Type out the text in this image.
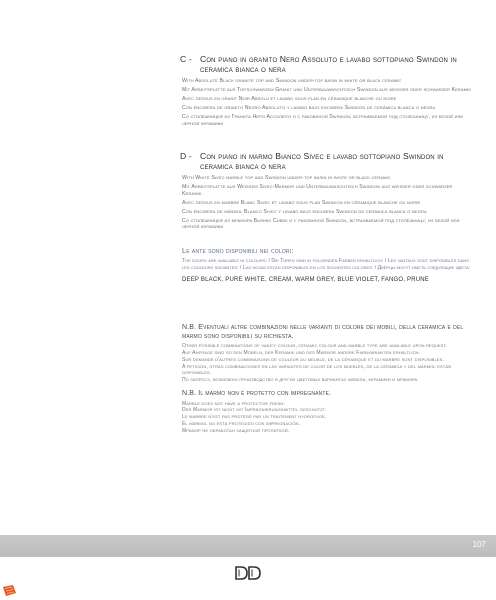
C - Con piano in granito Nero Assoluto e lavabo sottopiano Swindon in ceramica bianca o nera
With Absolute Black granite top and Swindon under-top basin in white or black ceramic
Mit Arbeitsplatte aus Tiefschwarzem Granit und Unterbauwaschtisch Swindon aus weisser oder schwarzer Keramik
Avec dessus en granit Noir Absolu et lavabo sous plan en céramique blanche ou noire
Con encimera de granito Negro Absoluto y lavabo bajo encimera Swindon de cerámica blanca o negra
Со столешницей из Гранита Неро Ассолюто и с раковиной Swindon, встраиваемой под столешницу, из белой или черной керамики
D - Con piano in marmo Bianco Sivec e lavabo sottopiano Swindon in ceramica bianca o nera
With White Sivec marble top and Swindon under-top basin in white or black ceramic
Mit Arbeitsplatte aus Weissem Sivec-Marmor und Unterbauwaschtisch Swindon aus weisser oder schwarzer Keramik
Avec dessus en marbre Blanc Sivec et lavabo sous plan Swindon en céramique blanche ou noire
Con encimera de mármol Blanco Sivec y lavabo bajo encimera Swindon de cerámica blanca o negra
Со столешницей из мрамора Бьянко Сивек и с раковиной Swindon, встраиваемой под столешницу, из белой или черной керамики
Le ante sono disponibili nei colori:
The doors are available in colours: / Die Türen sind in folgenden Farben erhältlich: / Les vantaux sont disponibles dans les couleurs suivantes: / Las hojas están disponibles en los siguientes colores: / Дверцы могут иметь следующие цвета:
DEEP BLACK, PURE WHITE, CREAM, WARM GREY, BLUE VIOLET, FANGO, PRUNE
N.B. Eventuali altre combinazioni nelle varianti di colore dei mobili, della ceramica e del marmo sono disponibili su richiesta.
Other possible combinations of vanity colour, ceramic colour and marble type are available upon request.
Auf Anfrage sind so den Möbeln, der Keramik und des Marmor andere Farbvarianten erhältlich.
Sur demande d'autres combinaisons de couleur du meuble, de la céramique et du marbre sont disponibles.
A petición, otras combinaciones en las variantes de color de los muebles, de la cerámica y del mármol están disponibles.
По запросу, возможно производство в других цветовых вариантах мебели, керамики и мрамора.
N.B. Il marmo non è protetto con impregnante.
Marble does not have a protective finish.
Der Marmor ist nicht mit Imprägnierungsmittel geschützt.
Le marbre n'est pas protégé par un traitement hydrofuge.
El mármol no está protegido con impregnación.
Мрамор не обработан защитной пропиткой.
107
